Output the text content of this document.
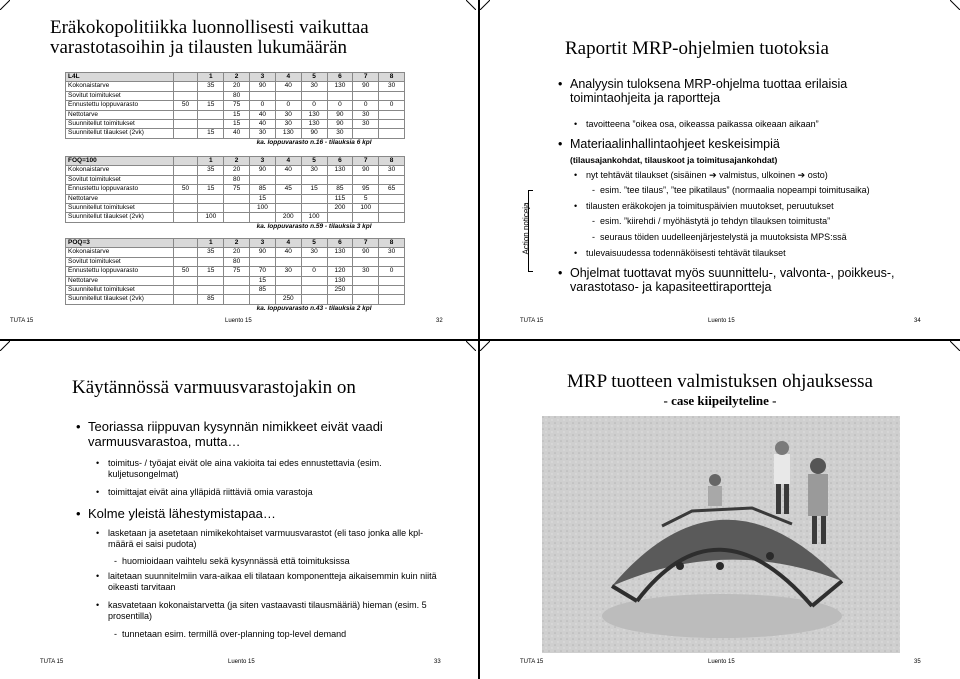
Eräkokopolitiikka luonnollisesti vaikuttaa
varastotasoihin ja tilausten lukumäärän
L4L		1	2	3	4	5	6	7	8
Kokonaistarve		35	20	90	40	30	130	90	30
Sovitut toimitukset			80						
Ennustettu loppuvarasto	50	15	75	0	0	0	0	0	0
Nettotarve			15	40	30	130	90	30	
Suunnitellut toimitukset			15	40	30	130	90	30	
Suunnitellut tilaukset (2vk)		15	40	30	130	90	30		
			ka. loppuvarasto n.16 - tilauksia 6 kpl						
FOQ=100		1	2	3	4	5	6	7	8
Kokonaistarve		35	20	90	40	30	130	90	30
Sovitut toimitukset			80						
Ennustettu loppuvarasto	50	15	75	85	45	15	85	95	65
Nettotarve				15			115	5	
Suunnitellut toimitukset				100			200	100	
Suunnitellut tilaukset (2vk)		100			200	100			
			ka. loppuvarasto n.59 - tilauksia 3 kpl						
POQ=3		1	2	3	4	5	6	7	8
Kokonaistarve		35	20	90	40	30	130	90	30
Sovitut toimitukset			80						
Ennustettu loppuvarasto	50	15	75	70	30	0	120	30	0
Nettotarve				15			130		
Suunnitellut toimitukset				85			250		
Suunnitellut tilaukset (2vk)		85			250				
			ka. loppuvarasto n.43 - tilauksia 2 kpl						
TUTA 15	Luento 15	32
Raportit MRP-ohjelmien tuotoksia
• Analyysin tuloksena MRP-ohjelma tuottaa erilaisia toimintaohjeita ja raportteja
• tavoitteena ”oikea osa, oikeassa paikassa oikeaan aikaan”
• Materiaalinhallintaohjeet keskeisimpiä
(tilausajankohdat, tilauskoot ja toimitusajankohdat)
• nyt tehtävät tilaukset (sisäinen ➔ valmistus, ulkoinen ➔ osto)
- esim. ”tee tilaus”, ”tee pikatilaus” (normaalia nopeampi toimitusaika)
• tilausten eräkokojen ja toimituspäivien muutokset, peruutukset
- esim. ”kiirehdi / myöhästytä jo tehdyn tilauksen toimitusta”
- seuraus töiden uudelleenjärjestelystä ja muutoksista MPS:ssä
• tulevaisuudessa todennäköisesti tehtävät tilaukset
• Ohjelmat tuottavat myös suunnittelu-, valvonta-, poikkeus-, varastotaso- ja kapasiteettiraportteja
Action noticeja
TUTA 15	Luento 15	34
Käytännössä varmuusvarastojakin on
• Teoriassa riippuvan kysynnän nimikkeet eivät vaadi varmuusvarastoa, mutta…
• toimitus- / työajat eivät ole aina vakioita tai edes ennustettavia (esim. kuljetusongelmat)
• toimittajat eivät aina ylläpidä riittäviä omia varastoja
• Kolme yleistä lähestymistapaa…
• lasketaan ja asetetaan nimikekohtaiset varmuusvarastot (eli taso jonka alle kpl-määrä ei saisi pudota)
- huomioidaan vaihtelu sekä kysynnässä että toimituksissa
• laitetaan suunnitelmiin vara-aikaa eli tilataan komponentteja aikaisemmin kuin niitä oikeasti tarvitaan
• kasvatetaan kokonaistarvetta (ja siten vastaavasti tilausmääriä) hieman (esim. 5 prosentilla)
- tunnetaan esim. termillä over-planning top-level demand
TUTA 15	Luento 15	33
MRP tuotteen valmistuksen ohjauksessa
- case kiipeilyteline -
TUTA 15	Luento 15	35
